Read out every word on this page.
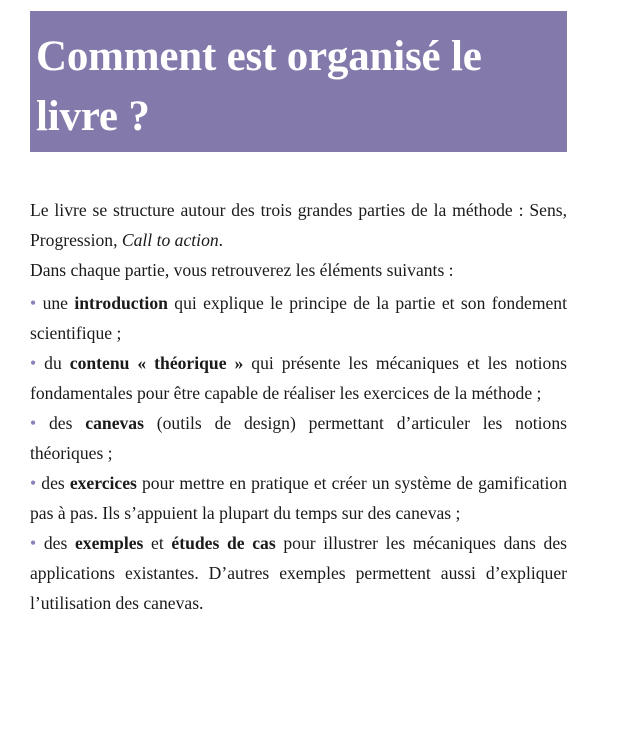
Comment est organisé le livre ?

Le livre se structure autour des trois grandes parties de la méthode : Sens, Progression, Call to action.

Dans chaque partie, vous retrouverez les éléments suivants :

• une introduction qui explique le principe de la partie et son fondement scientifique ;

• du contenu « théorique » qui présente les mécaniques et les notions fondamentales pour être capable de réaliser les exercices de la méthode ;

• des canevas (outils de design) permettant d’articuler les notions théoriques ;

• des exercices pour mettre en pratique et créer un système de gamification pas à pas. Ils s’appuient la plupart du temps sur des canevas ;

• des exemples et études de cas pour illustrer les mécaniques dans des applications existantes. D’autres exemples permettent aussi d’expliquer l’utilisation des canevas.
